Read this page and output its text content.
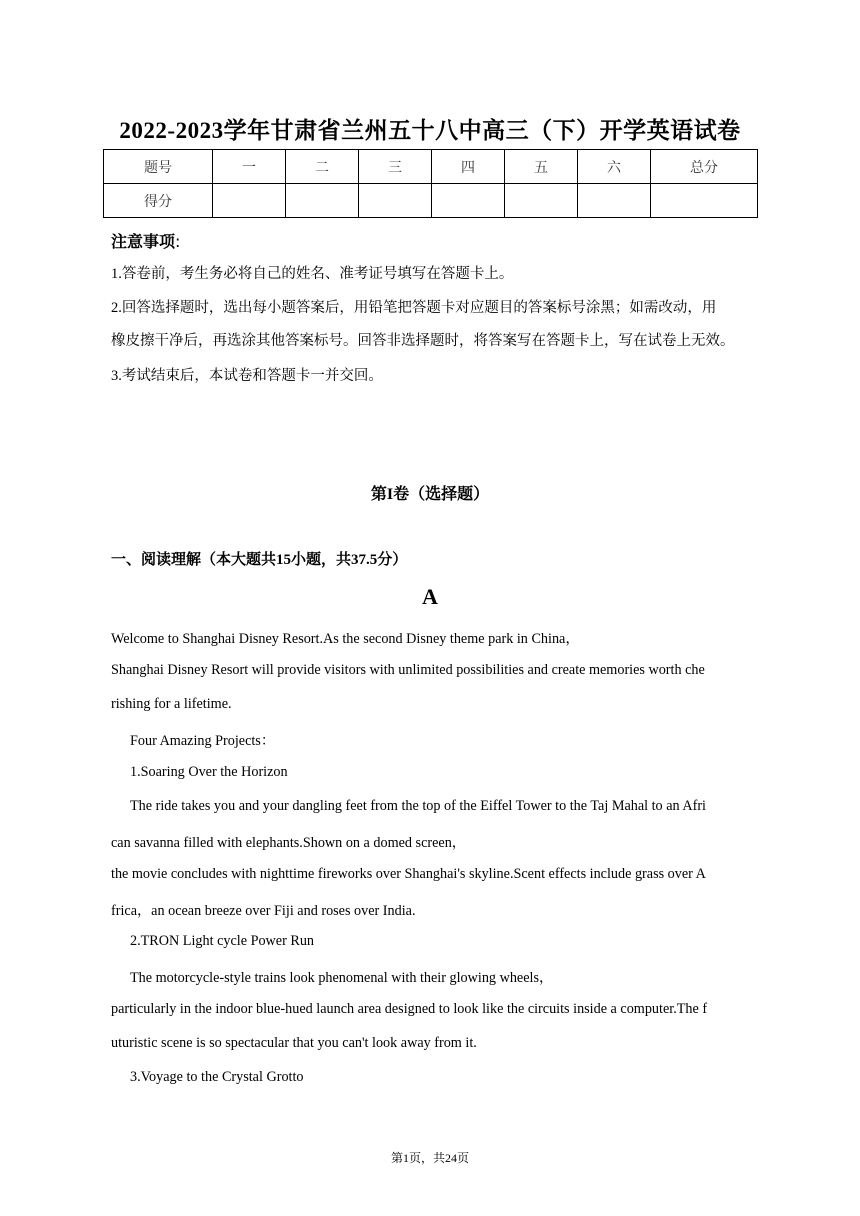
2022-2023学年甘肃省兰州五十八中高三（下）开学英语试卷
题号	一	二	三	四	五	六	总分
得分							
注意事项:
1.答卷前，考生务必将自己的姓名、准考证号填写在答题卡上。
2.回答选择题时，选出每小题答案后，用铅笔把答题卡对应题目的答案标号涂黑；如需改动，用
橡皮擦干净后，再选涂其他答案标号。回答非选择题时，将答案写在答题卡上，写在试卷上无效。
3.考试结束后，本试卷和答题卡一并交回。
第I卷（选择题）
一、阅读理解（本大题共15小题，共37.5分）
A
Welcome to Shanghai Disney Resort.As the second Disney theme park in China，
Shanghai Disney Resort will provide visitors with unlimited possibilities and create memories worth che
rishing for a lifetime.
Four Amazing Projects：
1.Soaring Over the Horizon
The ride takes you and your dangling feet from the top of the Eiffel Tower to the Taj Mahal to an Afri
can savanna filled with elephants.Shown on a domed screen，
the movie concludes with nighttime fireworks over Shanghai's skyline.Scent effects include grass over A
frica，an ocean breeze over Fiji and roses over India.
2.TRON Light cycle Power Run
The motorcycle-style trains look phenomenal with their glowing wheels，
particularly in the indoor blue-hued launch area designed to look like the circuits inside a computer.The f
uturistic scene is so spectacular that you can't look away from it.
3.Voyage to the Crystal Grotto
第1页，共24页
